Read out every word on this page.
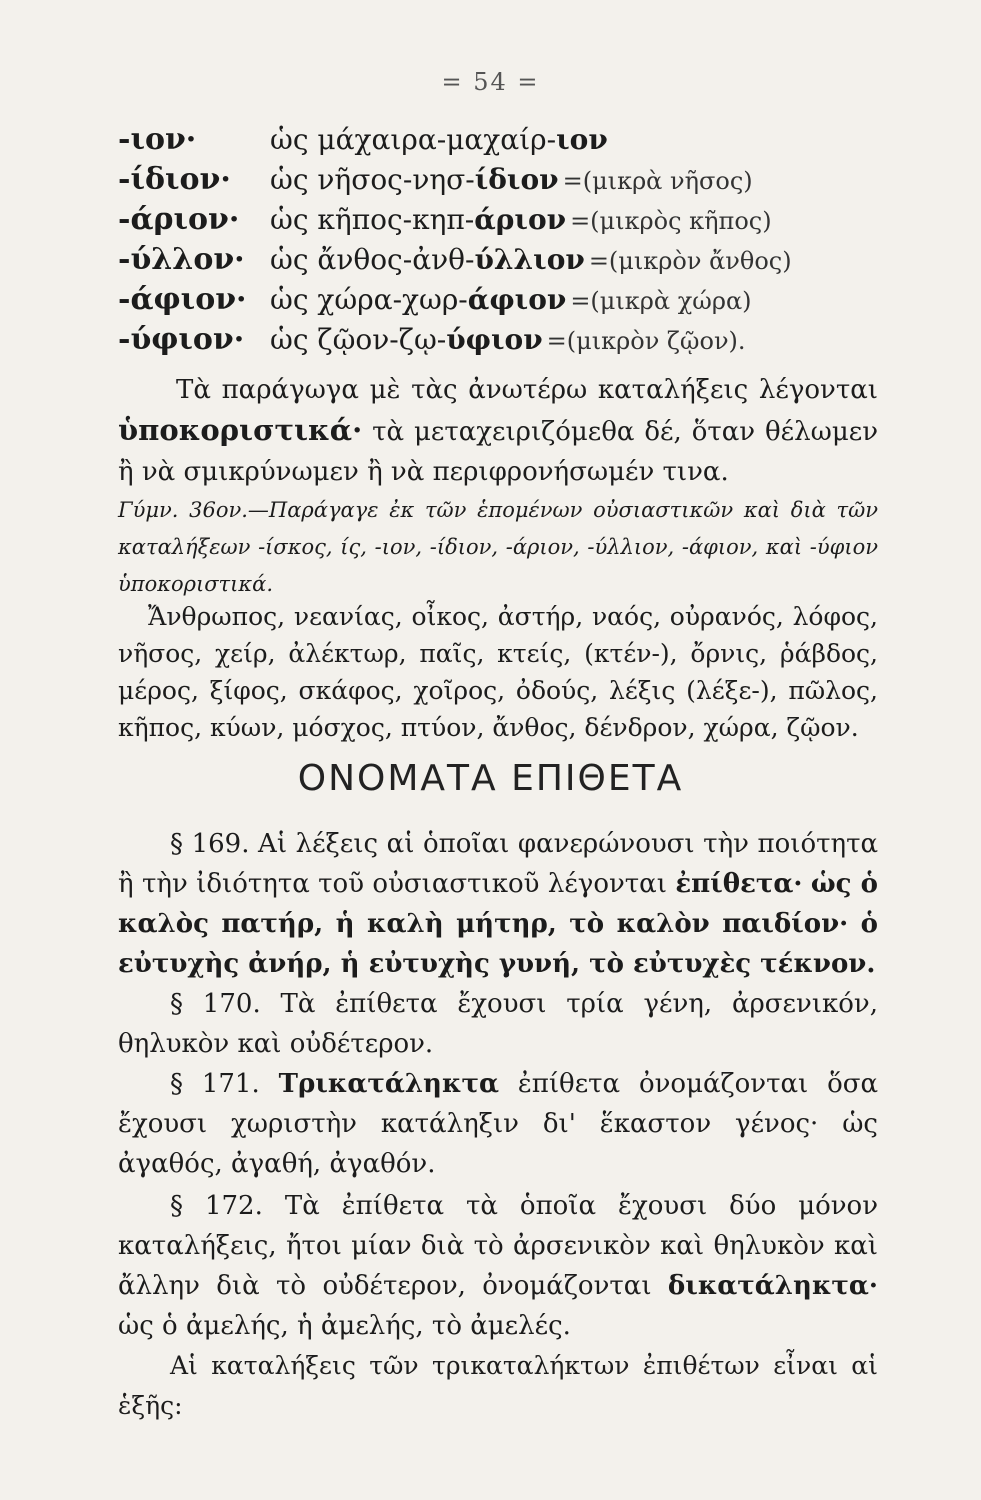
= 54 =
-ιον·	ὡς μάχαιρα-μαχαίρ-ιον
-ίδιον·	ὡς νῆσος-νησ-ίδιον =(μικρὰ νῆσος)
-άριον·	ὡς κῆπος-κηπ-άριον =(μικρὸς κῆπος)
-ύλλον· ὡς ἄνθος-ἀνθ-ύλλιον =(μικρὸν ἄνθος)
-άφιον· ὡς χώρα-χωρ-άφιον =(μικρὰ χώρα)
-ύφιον· ὡς ζῷον-ζῳ-ύφιον =(μικρὸν ζῷον).

Τὰ παράγωγα μὲ τὰς ἀνωτέρω καταλήξεις λέγονται ὑποκοριστικά· τὰ μεταχειριζόμεθα δέ, ὅταν θέλωμεν ἢ νὰ σμικρύνωμεν ἢ νὰ περιφρονήσωμέν τινα.

Γύμν. 36ον.—Παράγαγε ἐκ τῶν ἑπομένων οὐσιαστικῶν καὶ διὰ τῶν καταλήξεων -ίσκος, ίς, -ιον, -ίδιον, -άριον, -ύλλιον, -άφιον, καὶ -ύφιον ὑποκοριστικά.

Ἄνθρωπος, νεανίας, οἶκος, ἀστήρ, ναός, οὐρανός, λόφος, νῆσος, χείρ, ἀλέκτωρ, παῖς, κτείς, (κτέν-), ὄρνις, ῥάβδος, μέρος, ξίφος, σκάφος, χοῖρος, ὀδούς, λέξις (λέξε-), πῶλος, κῆπος, κύων, μόσχος, πτύον, ἄνθος, δένδρον, χώρα, ζῷον.

ΟΝΟΜΑΤΑ ΕΠΙΘΕΤΑ

§ 169. Αἱ λέξεις αἱ ὁποῖαι φανερώνουσι τὴν ποιότητα ἢ τὴν ἰδιότητα τοῦ οὐσιαστικοῦ λέγονται ἐπίθετα· ὡς ὁ καλὸς πατήρ, ἡ καλὴ μήτηρ, τὸ καλὸν παιδίον· ὁ εὐτυχὴς ἀνήρ, ἡ εὐτυχὴς γυνή, τὸ εὐτυχὲς τέκνον.

§ 170. Τὰ ἐπίθετα ἔχουσι τρία γένη, ἀρσενικόν, θηλυκὸν καὶ οὐδέτερον.

§ 171. Τρικατάληκτα ἐπίθετα ὀνομάζονται ὅσα ἔχουσι χωριστὴν κατάληξιν δι' ἕκαστον γένος· ὡς ἀγαθός, ἀγαθή, ἀγαθόν.

§ 172. Τὰ ἐπίθετα τὰ ὁποῖα ἔχουσι δύο μόνον καταλήξεις, ἤτοι μίαν διὰ τὸ ἀρσενικὸν καὶ θηλυκὸν καὶ ἄλλην διὰ τὸ οὐδέτερον, ὀνομάζονται δικατάληκτα· ὡς ὁ ἀμελής, ἡ ἀμελής, τὸ ἀμελές.

Αἱ καταλήξεις τῶν τρικαταλήκτων ἐπιθέτων εἶναι αἱ ἑξῆς:
